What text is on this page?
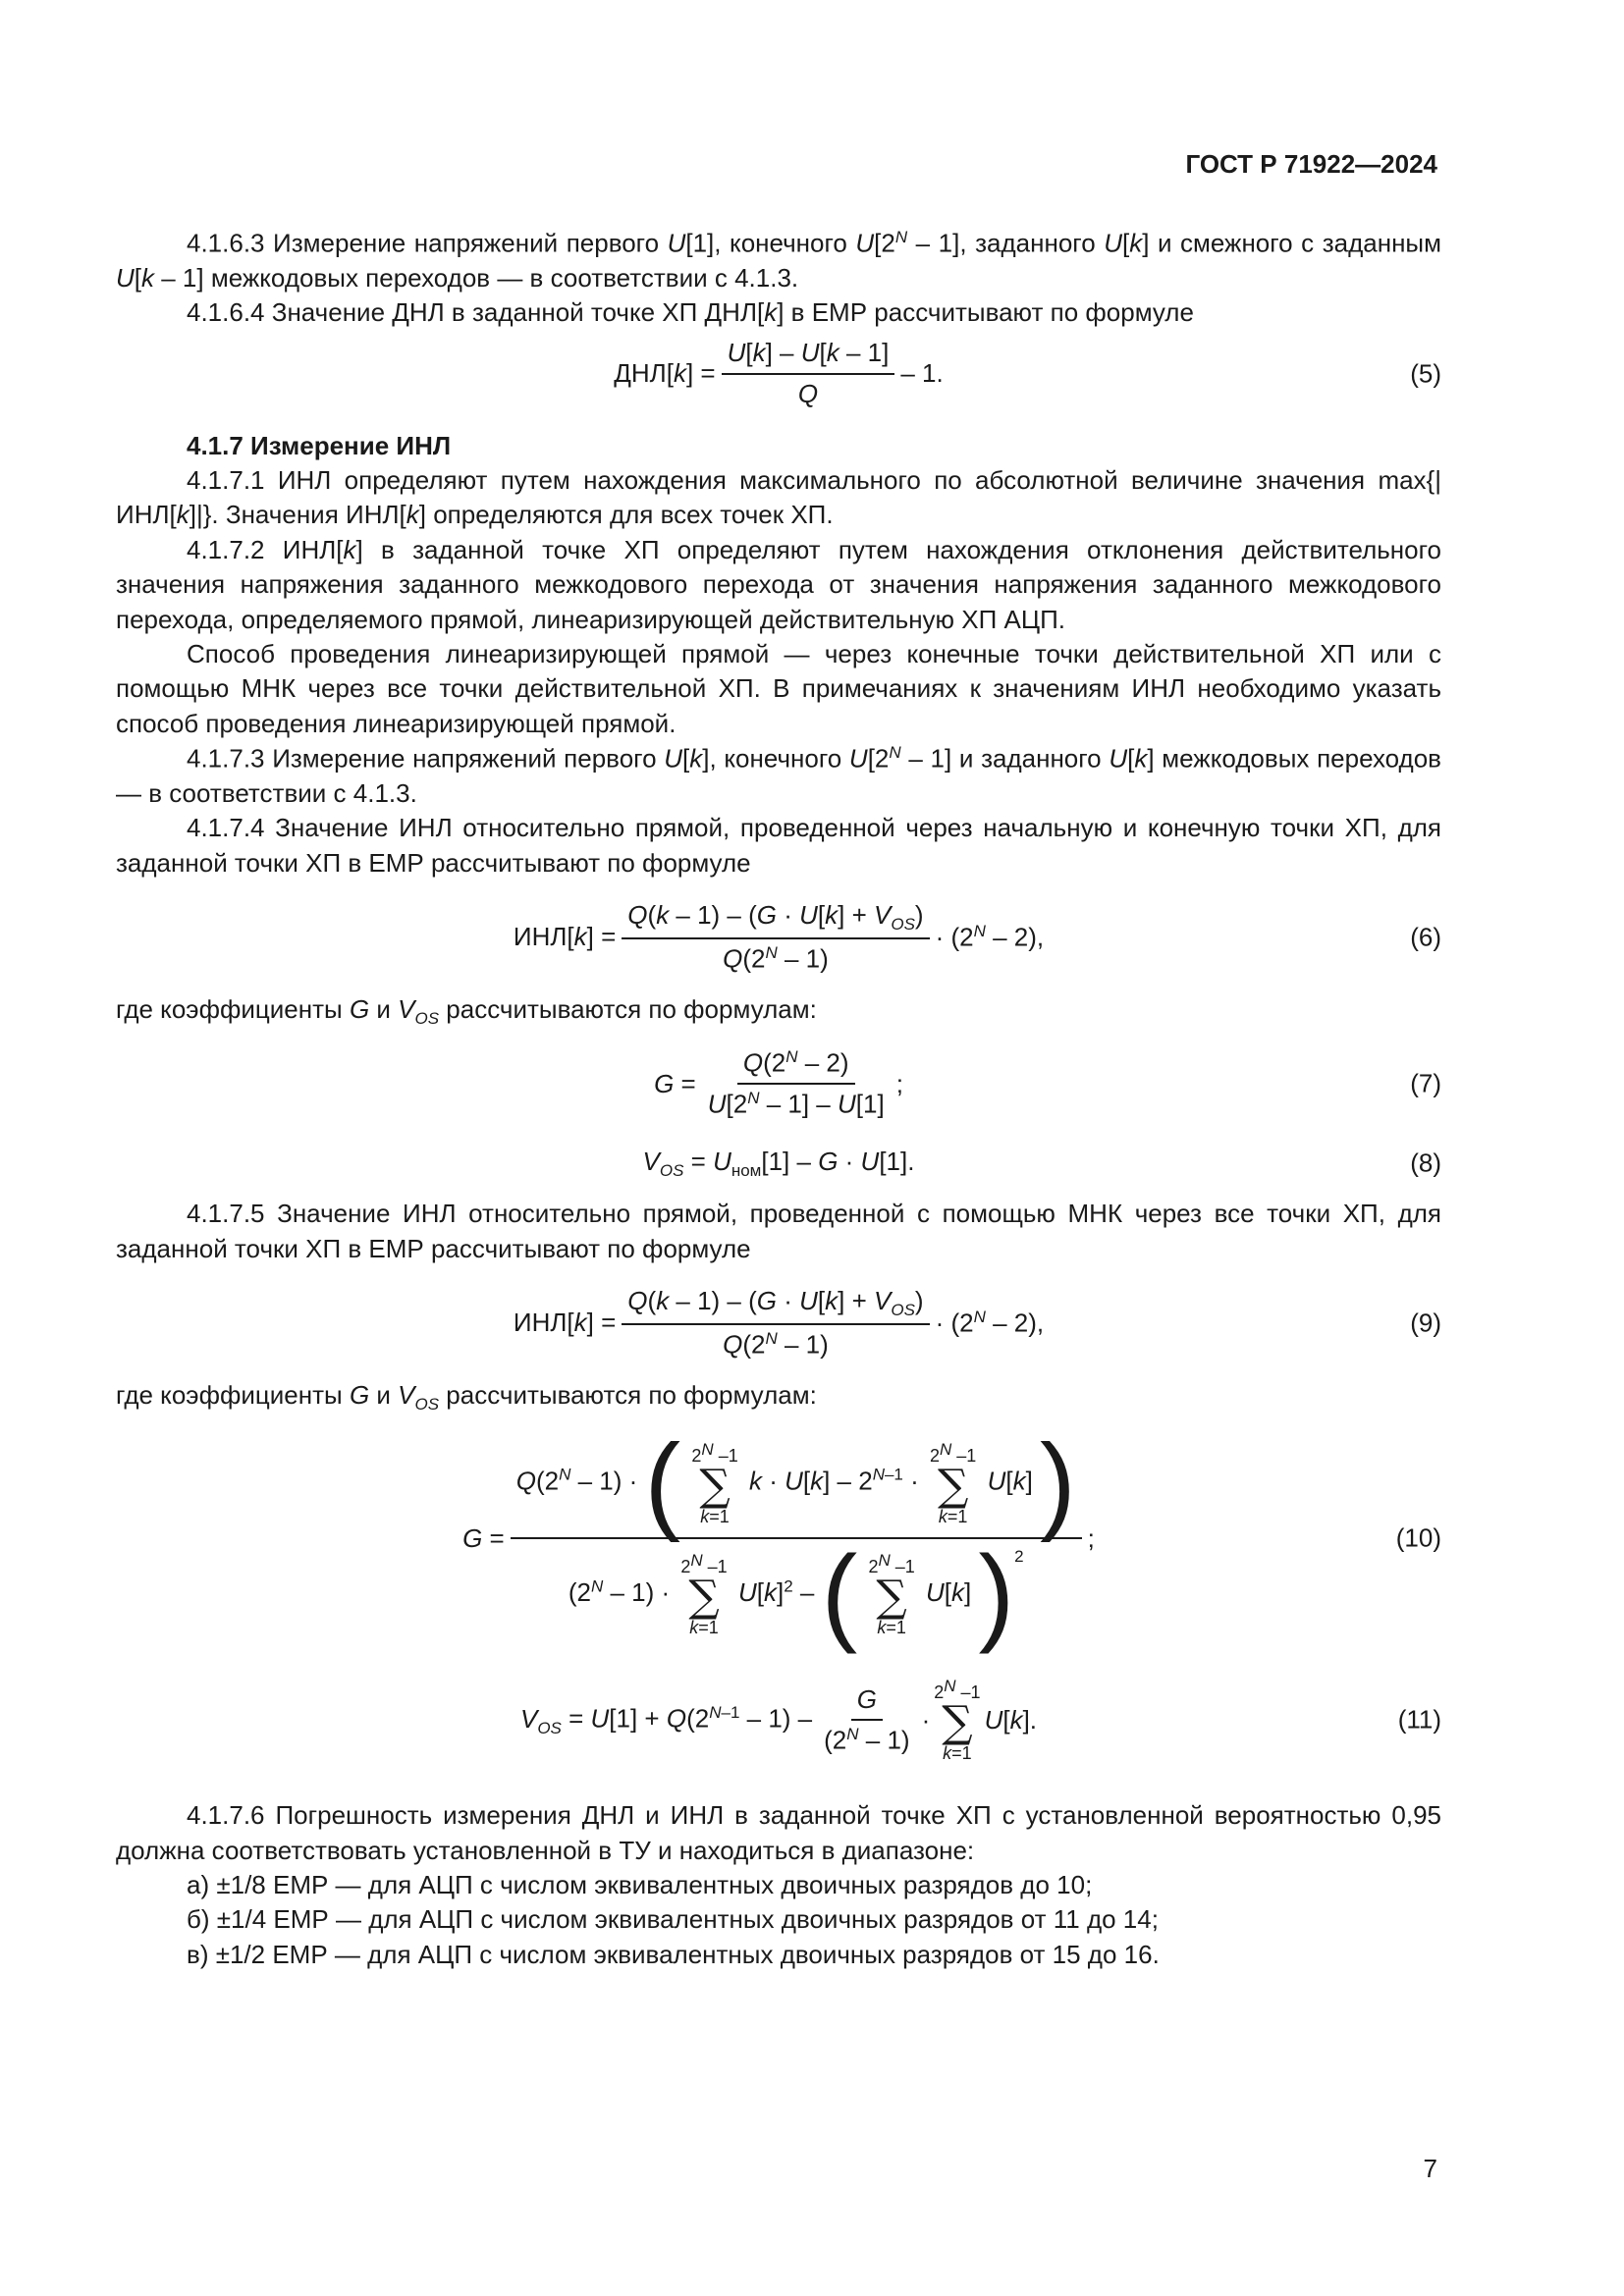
ГОСТ Р 71922—2024

4.1.6.3 Измерение напряжений первого U[1], конечного $U[2^N - 1]$, заданного U[k] и смежного с заданным U[k – 1] межкодовых переходов — в соответствии с 4.1.3.

4.1.6.4 Значение ДНЛ в заданной точке ХП ДНЛ[k] в ЕМР рассчитывают по формуле

$ДНЛ[k] = \frac{U[k] - U[k - 1]}{Q} - 1$.	(5)

4.1.7 Измерение ИНЛ

4.1.7.1 ИНЛ определяют путем нахождения максимального по абсолютной величине значения max{|ИНЛ[k]|}. Значения ИНЛ[k] определяются для всех точек ХП.

4.1.7.2 ИНЛ[k] в заданной точке ХП определяют путем нахождения отклонения действительного значения напряжения заданного межкодового перехода от значения напряжения заданного межкодового перехода, определяемого прямой, линеаризирующей действительную ХП АЦП.

Способ проведения линеаризирующей прямой — через конечные точки действительной ХП или с помощью МНК через все точки действительной ХП. В примечаниях к значениям ИНЛ необходимо указать способ проведения линеаризирующей прямой.

4.1.7.3 Измерение напряжений первого U[k], конечного $U[2^N - 1]$ и заданного U[k] межкодовых переходов — в соответствии с 4.1.3.

4.1.7.4 Значение ИНЛ относительно прямой, проведенной через начальную и конечную точки ХП, для заданной точки ХП в ЕМР рассчитывают по формуле

$ИНЛ[k] = \frac{Q(k - 1) - (G \cdot U[k] + V_{OS})}{Q(2^N - 1)} \cdot (2^N - 2)$,	(6)

где коэффициенты G и $V_{OS}$ рассчитываются по формулам:

$G = \frac{Q(2^N - 2)}{U[2^N - 1] - U[1]}$ ;	(7)
$V_{OS} = U_{ном}[1] - G \cdot U[1]$.	(8)

4.1.7.5 Значение ИНЛ относительно прямой, проведенной с помощью МНК через все точки ХП, для заданной точки ХП в ЕМР рассчитывают по формуле

$ИНЛ[k] = \frac{Q(k - 1) - (G \cdot U[k] + V_{OS})}{Q(2^N - 1)} \cdot (2^N - 2)$,	(9)

где коэффициенты G и $V_{OS}$ рассчитываются по формулам:

G =
$Q(2^N - 1)$ · ( $2^N$ –1
∑
k=1
$k \cdot U[k] - 2^{N-1}$ ·
$2^N$ –1
∑
k=1
U[k] )
$(2^N - 1)$ ·
$2^N$ –1
∑
k=1
$U[k]^2$ – ( $2^N$ –1
∑
k=1
U[k] )$^2$
;	(10)
$V_{OS} = U[1] + Q(2^{N-1} - 1) - \frac{G}{(2^N - 1)}$ ·
$2^N$ –1
∑
k=1
U[k].	(11)

4.1.7.6 Погрешность измерения ДНЛ и ИНЛ в заданной точке ХП с установленной вероятностью 0,95 должна соответствовать установленной в ТУ и находиться в диапазоне:

а) ±1/8 ЕМР — для АЦП с числом эквивалентных двоичных разрядов до 10;

б) ±1/4 ЕМР — для АЦП с числом эквивалентных двоичных разрядов от 11 до 14;

в) ±1/2 ЕМР — для АЦП с числом эквивалентных двоичных разрядов от 15 до 16.

7
